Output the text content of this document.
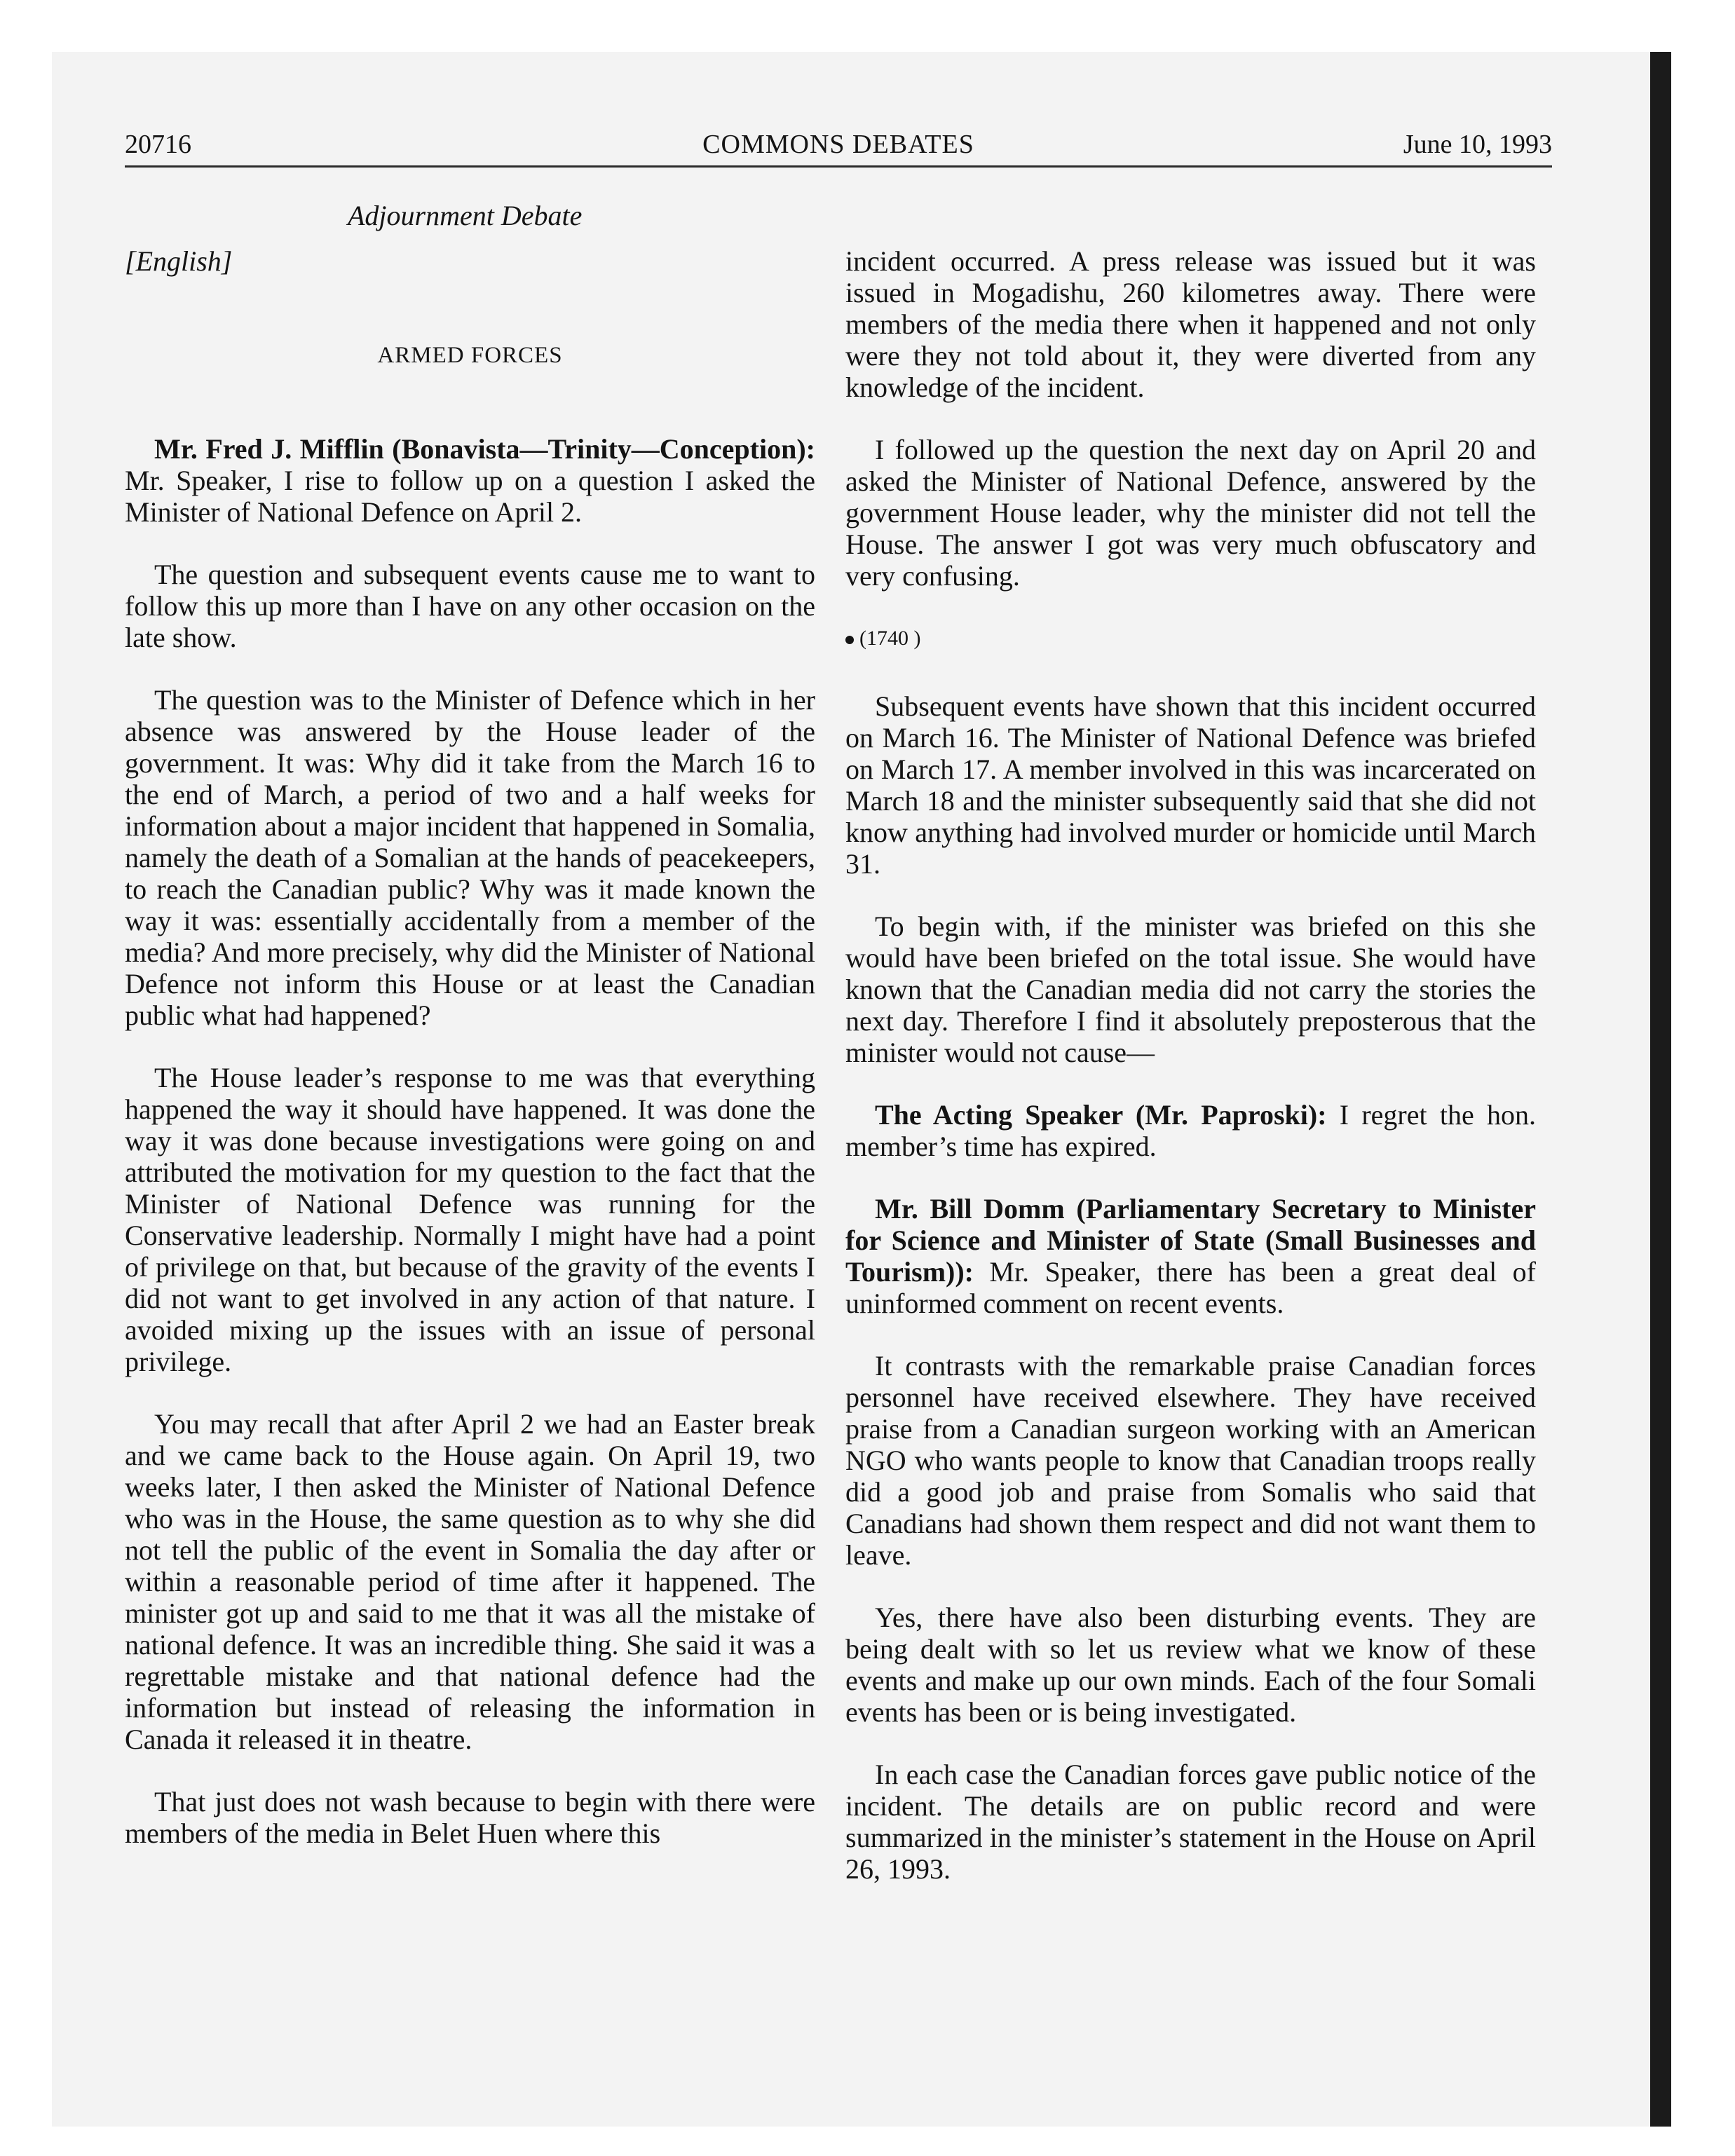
20716	COMMONS DEBATES	June 10, 1993
Adjournment Debate
[English]
ARMED FORCES

Mr. Fred J. Mifflin (Bonavista—Trinity—Conception): Mr. Speaker, I rise to follow up on a question I asked the Minister of National Defence on April 2.

The question and subsequent events cause me to want to follow this up more than I have on any other occasion on the late show.

The question was to the Minister of Defence which in her absence was answered by the House leader of the government. It was: Why did it take from the March 16 to the end of March, a period of two and a half weeks for information about a major incident that happened in Somalia, namely the death of a Somalian at the hands of peacekeepers, to reach the Canadian public? Why was it made known the way it was: essentially accidentally from a member of the media? And more precisely, why did the Minister of National Defence not inform this House or at least the Canadian public what had happened?

The House leader’s response to me was that everything happened the way it should have happened. It was done the way it was done because investigations were going on and attributed the motivation for my question to the fact that the Minister of National Defence was running for the Conservative leadership. Normally I might have had a point of privilege on that, but because of the gravity of the events I did not want to get involved in any action of that nature. I avoided mixing up the issues with an issue of personal privilege.

You may recall that after April 2 we had an Easter break and we came back to the House again. On April 19, two weeks later, I then asked the Minister of National Defence who was in the House, the same question as to why she did not tell the public of the event in Somalia the day after or within a reasonable period of time after it happened. The minister got up and said to me that it was all the mistake of national defence. It was an incredible thing. She said it was a regrettable mistake and that national defence had the information but instead of releasing the information in Canada it released it in theatre.

That just does not wash because to begin with there were members of the media in Belet Huen where this

incident occurred. A press release was issued but it was issued in Mogadishu, 260 kilometres away. There were members of the media there when it happened and not only were they not told about it, they were diverted from any knowledge of the incident.

I followed up the question the next day on April 20 and asked the Minister of National Defence, answered by the government House leader, why the minister did not tell the House. The answer I got was very much obfuscatory and very confusing.

(1740 )

Subsequent events have shown that this incident occurred on March 16. The Minister of National Defence was briefed on March 17. A member involved in this was incarcerated on March 18 and the minister subsequently said that she did not know anything had involved murder or homicide until March 31.

To begin with, if the minister was briefed on this she would have been briefed on the total issue. She would have known that the Canadian media did not carry the stories the next day. Therefore I find it absolutely preposterous that the minister would not cause—

The Acting Speaker (Mr. Paproski): I regret the hon. member’s time has expired.

Mr. Bill Domm (Parliamentary Secretary to Minister for Science and Minister of State (Small Businesses and Tourism)): Mr. Speaker, there has been a great deal of uninformed comment on recent events.

It contrasts with the remarkable praise Canadian forces personnel have received elsewhere. They have received praise from a Canadian surgeon working with an American NGO who wants people to know that Canadian troops really did a good job and praise from Somalis who said that Canadians had shown them respect and did not want them to leave.

Yes, there have also been disturbing events. They are being dealt with so let us review what we know of these events and make up our own minds. Each of the four Somali events has been or is being investigated.

In each case the Canadian forces gave public notice of the incident. The details are on public record and were summarized in the minister’s statement in the House on April 26, 1993.
